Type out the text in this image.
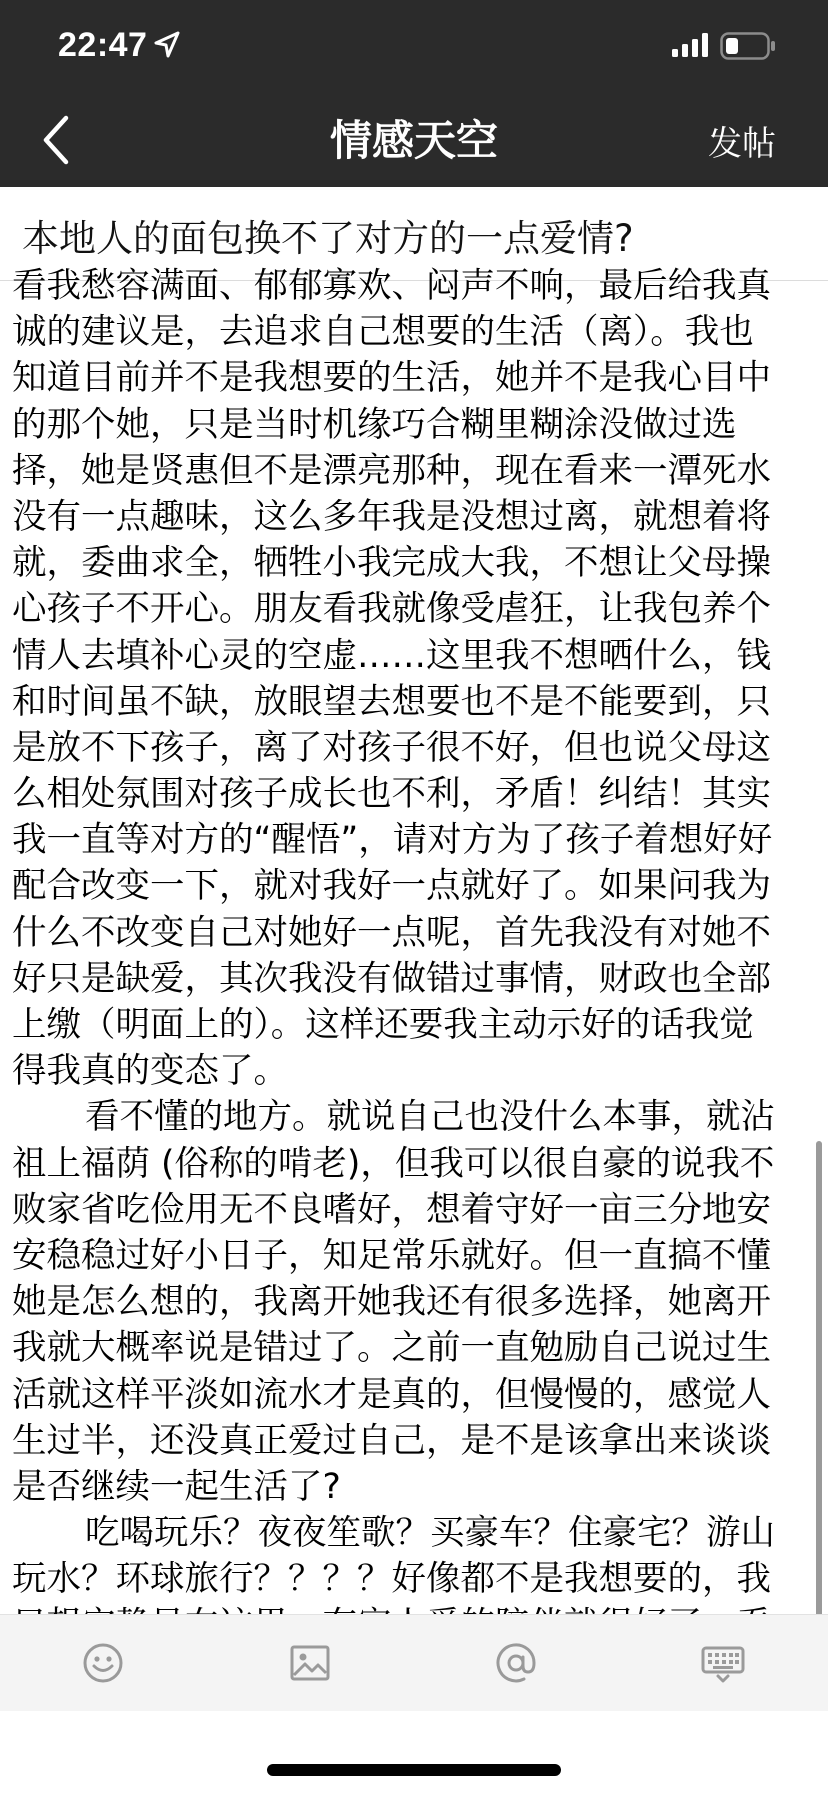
22:47
情感天空	发帖
本地人的面包换不了对方的一点爱情?
看我愁容满面、郁郁寡欢、闷声不响，最后给我真
诚的建议是，去追求自己想要的生活（离）。我也
知道目前并不是我想要的生活，她并不是我心目中
的那个她，只是当时机缘巧合糊里糊涂没做过选
择，她是贤惠但不是漂亮那种，现在看来一潭死水
没有一点趣味，这么多年我是没想过离，就想着将
就，委曲求全，牺牲小我完成大我，不想让父母操
心孩子不开心。朋友看我就像受虐狂，让我包养个
情人去填补心灵的空虚……这里我不想晒什么，钱
和时间虽不缺，放眼望去想要也不是不能要到，只
是放不下孩子，离了对孩子很不好，但也说父母这
么相处氛围对孩子成长也不利，矛盾！纠结！其实
我一直等对方的“醒悟”，请对方为了孩子着想好好
配合改变一下，就对我好一点就好了。如果问我为
什么不改变自己对她好一点呢，首先我没有对她不
好只是缺爱，其次我没有做错过事情，财政也全部
上缴（明面上的）。这样还要我主动示好的话我觉
得我真的变态了。
看不懂的地方。就说自己也没什么本事，就沾
祖上福荫 (俗称的啃老)，但我可以很自豪的说我不
败家省吃俭用无不良嗜好，想着守好一亩三分地安
安稳稳过好小日子，知足常乐就好。但一直搞不懂
她是怎么想的，我离开她我还有很多选择，她离开
我就大概率说是错过了。之前一直勉励自己说过生
活就这样平淡如流水才是真的，但慢慢的，感觉人
生过半，还没真正爱过自己，是不是该拿出来谈谈
是否继续一起生活了?
吃喝玩乐？夜夜笙歌？买豪车？住豪宅？游山
玩水？环球旅行？？？？好像都不是我想要的，我
